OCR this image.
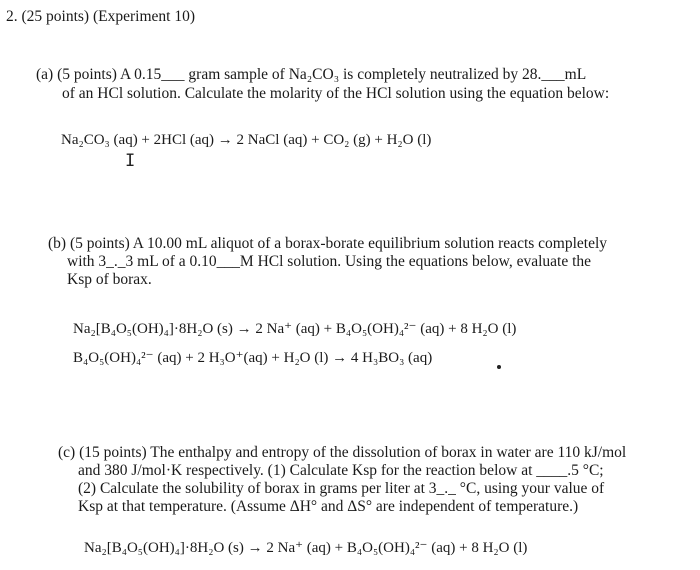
2. (25 points) (Experiment 10)
(a) (5 points) A 0.15___ gram sample of Na₂CO₃ is completely neutralized by 28.___mL
of an HCl solution. Calculate the molarity of the HCl solution using the equation below:
Na₂CO₃ (aq) + 2HCl (aq) → 2 NaCl (aq) + CO₂ (g) + H₂O (l)
I
(b) (5 points) A 10.00 mL aliquot of a borax-borate equilibrium solution reacts completely
with 3_._3 mL of a 0.10___M HCl solution. Using the equations below, evaluate the
Ksp of borax.
Na₂[B₄O₅(OH)₄]·8H₂O (s) → 2 Na⁺ (aq) + B₄O₅(OH)₄²⁻ (aq) + 8 H₂O (l)
B₄O₅(OH)₄²⁻ (aq) + 2 H₃O⁺(aq) + H₂O (l) → 4 H₃BO₃ (aq)
(c) (15 points) The enthalpy and entropy of the dissolution of borax in water are 110 kJ/mol
and 380 J/mol·K respectively. (1) Calculate Ksp for the reaction below at ____.5 °C;
(2) Calculate the solubility of borax in grams per liter at 3_._ °C, using your value of
Ksp at that temperature. (Assume ΔH° and ΔS° are independent of temperature.)
Na₂[B₄O₅(OH)₄]·8H₂O (s) → 2 Na⁺ (aq) + B₄O₅(OH)₄²⁻ (aq) + 8 H₂O (l)
